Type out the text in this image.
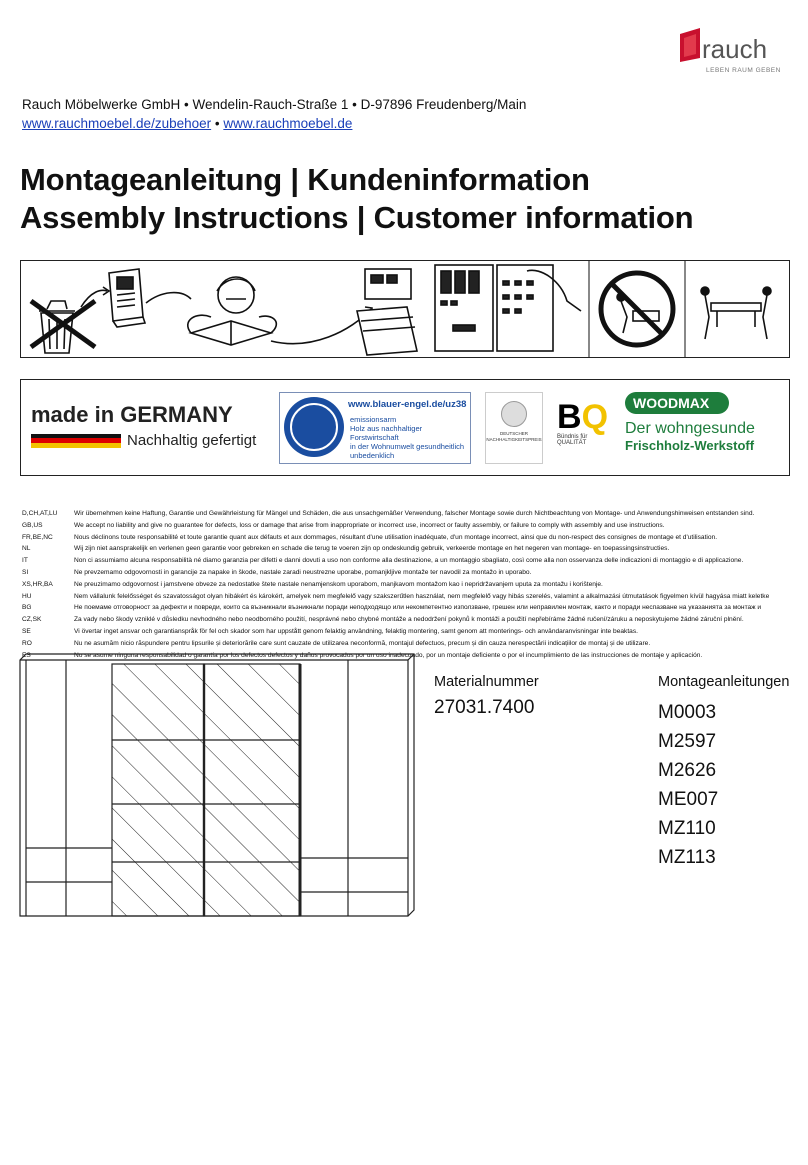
rauch
LEBEN RAUM GEBEN
Rauch Möbelwerke GmbH • Wendelin-Rauch-Straße 1 • D-97896 Freudenberg/Main
www.rauchmoebel.de/zubehoer • www.rauchmoebel.de
Montageanleitung | Kundeninformation
Assembly Instructions | Customer information
made in GERMANY
Nachhaltig gefertigt
www.blauer-engel.de/uz38
emissionsarm
Holz aus nachhaltiger Forstwirtschaft
in der Wohnumwelt gesundheitlich unbedenklich
DEUTSCHER NACHHALTIGKEITSPREIS
BQ
Bündnis für QUALITÄT
WOODMAX
Der wohngesunde
Frischholz-Werkstoff
D,CH,AT,LU	Wir übernehmen keine Haftung, Garantie und Gewährleistung für Mängel und Schäden, die aus unsachgemäßer Verwendung, falscher Montage sowie durch Nichtbeachtung von Montage- und Anwendungshinweisen entstanden sind.
GB,US	We accept no liability and give no guarantee for defects, loss or damage that arise from inappropriate or incorrect use, incorrect or faulty assembly, or failure to comply with assembly and use instructions.
FR,BE,NC	Nous déclinons toute responsabilité et toute garantie quant aux défauts et aux dommages, résultant d'une utilisation inadéquate, d'un montage incorrect, ainsi que du non-respect des consignes de montage et d'utilisation.
NL	Wij zijn niet aansprakelijk en verlenen geen garantie voor gebreken en schade die terug te voeren zijn op ondeskundig gebruik, verkeerde montage en het negeren van montage- en toepassingsinstructies.
IT	Non ci assumiamo alcuna responsabilità né diamo garanzia per difetti e danni dovuti a uso non conforme alla destinazione, a un montaggio sbagliato, così come alla non osservanza delle indicazioni di montaggio e di applicazione.
SI	Ne prevzemamo odgovornosti in garancije za napake in škode, nastale zaradi neustrezne uporabe, pomanjkljive montaže ter navodil za montažo in uporabo.
XS,HR,BA	Ne preuzimamo odgovornost i jamstvene obveze za nedostatke štete nastale nenamjenskom uporabom, manjkavom montažom kao i nepridržavanjem uputa za montažu i korištenje.
HU	Nem vállalunk felelősséget és szavatosságot olyan hibákért és károkért, amelyek nem megfelelő vagy szakszerűtlen használat, nem megfelelő vagy hibás szerelés, valamint a alkalmazási útmutatások figyelmen kívül hagyása miatt keletke
BG	Не поемаме отговорност за дефекти и повреди, които са възникнали възникнали поради неподходящо или некомпетентно използване, грешен или неправилен монтаж, както и поради неспазване на указанията за монтаж и
CZ,SK	Za vady nebo škody vzniklé v důsledku nevhodného nebo neodborného použití, nesprávné nebo chybné montáže a nedodržení pokynů k montáži a použití nepřebíráme žádné ručení/záruku a neposkytujeme žádné záruční plnění.
SE	Vi övertar inget ansvar och garantianspråk för fel och skador som har uppstått genom felaktig användning, felaktig montering, samt genom att monterings- och användaranvisningar inte beaktas.
RO	Nu ne asumăm nicio răspundere pentru lipsurile și deteriorările care sunt cauzate de utilizarea neconformă, montajul defectuos, precum și din cauza nerespectării indicațiilor de montaj și de utilizare.
ES	No se asume ninguna responsabilidad o garantía por los defectos defectos y daños provocados por un uso inadecuado, por un montaje deficiente o por el incumplimiento de las instrucciones de montaje y aplicación.
Materialnummer
27031.7400
Montageanleitungen
M0003
M2597
M2626
ME007
MZ110
MZ113
